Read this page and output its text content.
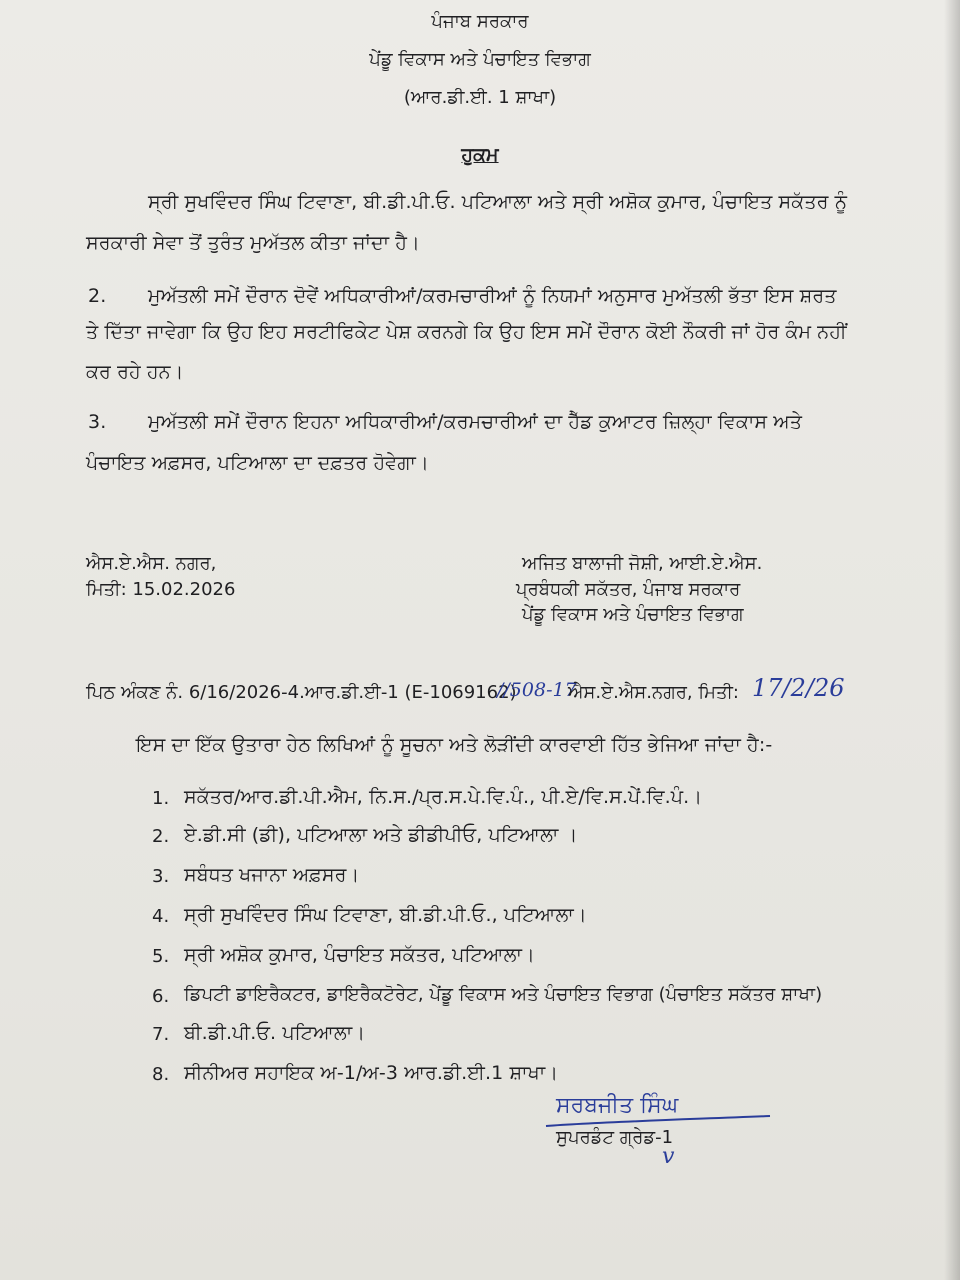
ਪੰਜਾਬ ਸਰਕਾਰ
ਪੇਂਡੂ ਵਿਕਾਸ ਅਤੇ ਪੰਚਾਇਤ ਵਿਭਾਗ
(ਆਰ.ਡੀ.ਈ. 1 ਸ਼ਾਖਾ)
ਹੁਕਮ
ਸ੍ਰੀ ਸੁਖਵਿੰਦਰ ਸਿੰਘ ਟਿਵਾਣਾ, ਬੀ.ਡੀ.ਪੀ.ਓ. ਪਟਿਆਲਾ ਅਤੇ ਸ੍ਰੀ ਅਸ਼ੋਕ ਕੁਮਾਰ, ਪੰਚਾਇਤ ਸਕੱਤਰ ਨੂੰ
ਸਰਕਾਰੀ ਸੇਵਾ ਤੋਂ ਤੁਰੰਤ ਮੁਅੱਤਲ ਕੀਤਾ ਜਾਂਦਾ ਹੈ।
2. ਮੁਅੱਤਲੀ ਸਮੇਂ ਦੌਰਾਨ ਦੋਵੇਂ ਅਧਿਕਾਰੀਆਂ/ਕਰਮਚਾਰੀਆਂ ਨੂੰ ਨਿਯਮਾਂ ਅਨੁਸਾਰ ਮੁਅੱਤਲੀ ਭੱਤਾ ਇਸ ਸ਼ਰਤ
ਤੇ ਦਿੱਤਾ ਜਾਵੇਗਾ ਕਿ ਉਹ ਇਹ ਸਰਟੀਫਿਕੇਟ ਪੇਸ਼ ਕਰਨਗੇ ਕਿ ਉਹ ਇਸ ਸਮੇਂ ਦੌਰਾਨ ਕੋਈ ਨੌਕਰੀ ਜਾਂ ਹੋਰ ਕੰਮ ਨਹੀਂ
ਕਰ ਰਹੇ ਹਨ।
3. ਮੁਅੱਤਲੀ ਸਮੇਂ ਦੌਰਾਨ ਇਹਨਾ ਅਧਿਕਾਰੀਆਂ/ਕਰਮਚਾਰੀਆਂ ਦਾ ਹੈੱਡ ਕੁਆਟਰ ਜ਼ਿਲ੍ਹਾ ਵਿਕਾਸ ਅਤੇ
ਪੰਚਾਇਤ ਅਫ਼ਸਰ, ਪਟਿਆਲਾ ਦਾ ਦਫ਼ਤਰ ਹੋਵੇਗਾ।
ਐਸ.ਏ.ਐਸ. ਨਗਰ,
ਮਿਤੀ: 15.02.2026
ਅਜਿਤ ਬਾਲਾਜੀ ਜੋਸ਼ੀ, ਆਈ.ਏ.ਐਸ.
ਪ੍ਰਬੰਧਕੀ ਸਕੱਤਰ, ਪੰਜਾਬ ਸਰਕਾਰ
ਪੇਂਡੂ ਵਿਕਾਸ ਅਤੇ ਪੰਚਾਇਤ ਵਿਭਾਗ
ਪਿਠ ਅੰਕਣ ਨੰ. 6/16/2026-4.ਆਰ.ਡੀ.ਈ-1 (E-1069162)
//508-17
ਐਸ.ਏ.ਐਸ.ਨਗਰ, ਮਿਤੀ: 17/2/26
ਇਸ ਦਾ ਇੱਕ ਉਤਾਰਾ ਹੇਠ ਲਿਖਿਆਂ ਨੂੰ ਸੂਚਨਾ ਅਤੇ ਲੋੜੀਂਦੀ ਕਾਰਵਾਈ ਹਿੱਤ ਭੇਜਿਆ ਜਾਂਦਾ ਹੈ:-
1. ਸਕੱਤਰ/ਆਰ.ਡੀ.ਪੀ.ਐਮ, ਨਿ.ਸ./ਪ੍ਰ.ਸ.ਪੇ.ਵਿ.ਪੰ., ਪੀ.ਏ/ਵਿ.ਸ.ਪੇਂ.ਵਿ.ਪੰ.।
2. ਏ.ਡੀ.ਸੀ (ਡੀ), ਪਟਿਆਲਾ ਅਤੇ ਡੀਡੀਪੀਓ, ਪਟਿਆਲਾ ।
3. ਸਬੰਧਤ ਖਜਾਨਾ ਅਫ਼ਸਰ।
4. ਸ੍ਰੀ ਸੁਖਵਿੰਦਰ ਸਿੰਘ ਟਿਵਾਣਾ, ਬੀ.ਡੀ.ਪੀ.ਓ., ਪਟਿਆਲਾ।
5. ਸ੍ਰੀ ਅਸ਼ੋਕ ਕੁਮਾਰ, ਪੰਚਾਇਤ ਸਕੱਤਰ, ਪਟਿਆਲਾ।
6. ਡਿਪਟੀ ਡਾਇਰੈਕਟਰ, ਡਾਇਰੈਕਟੋਰੇਟ, ਪੇਂਡੂ ਵਿਕਾਸ ਅਤੇ ਪੰਚਾਇਤ ਵਿਭਾਗ (ਪੰਚਾਇਤ ਸਕੱਤਰ ਸ਼ਾਖਾ)
7. ਬੀ.ਡੀ.ਪੀ.ਓ. ਪਟਿਆਲਾ।
8. ਸੀਨੀਅਰ ਸਹਾਇਕ ਅ-1/ਅ-3 ਆਰ.ਡੀ.ਈ.1 ਸ਼ਾਖਾ।
ਸਰਬਜੀਤ ਸਿੰਘ
ਸੁਪਰਡੰਟ ਗ੍ਰੇਡ-1
v
